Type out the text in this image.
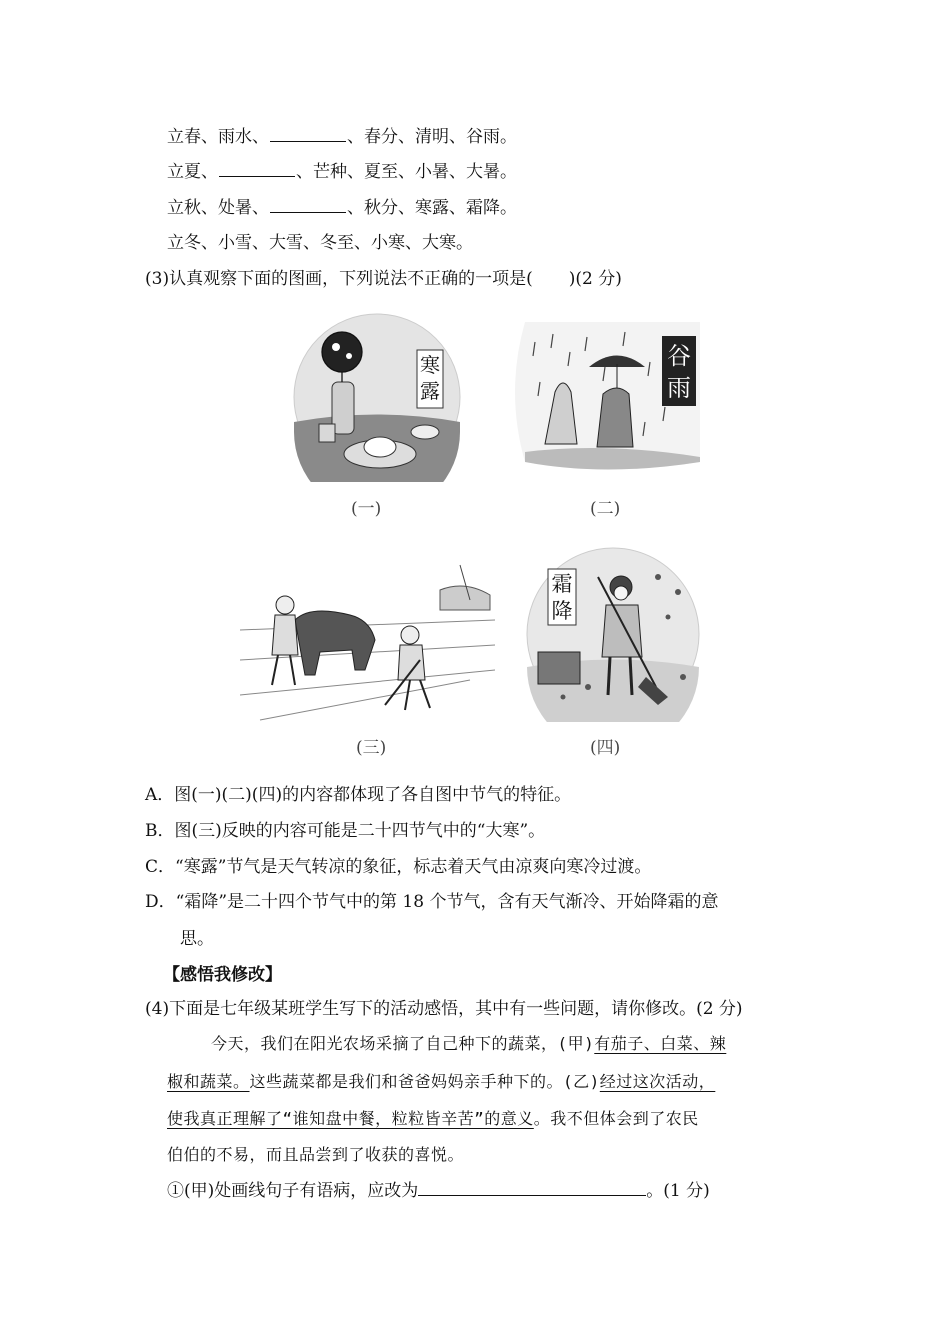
立春、雨水、	、春分、清明、谷雨。
立夏、	、芒种、夏至、小暑、大暑。
立秋、处暑、	、秋分、寒露、霜降。
立冬、小雪、大雪、冬至、小寒、大寒。
(3)认真观察下面的图画，下列说法不正确的一项是( )(2 分)
寒
露
(一)
谷
雨
(二)
(三)
霜
降
(四)
A．图(一)(二)(四)的内容都体现了各自图中节气的特征。
B．图(三)反映的内容可能是二十四节气中的“大寒”。
C．“寒露”节气是天气转凉的象征，标志着天气由凉爽向寒冷过渡。
D．“霜降”是二十四个节气中的第 18 个节气，含有天气渐冷、开始降霜的意
思。
【感悟我修改】
(4)下面是七年级某班学生写下的活动感悟，其中有一些问题，请你修改。(2 分)
今天，我们在阳光农场采摘了自己种下的蔬菜，(甲)有茄子、白菜、辣
椒和蔬菜。这些蔬菜都是我们和爸爸妈妈亲手种下的。(乙)经过这次活动，
使我真正理解了“谁知盘中餐，粒粒皆辛苦”的意义。我不但体会到了农民
伯伯的不易，而且品尝到了收获的喜悦。
①(甲)处画线句子有语病，应改为	。(1 分)
